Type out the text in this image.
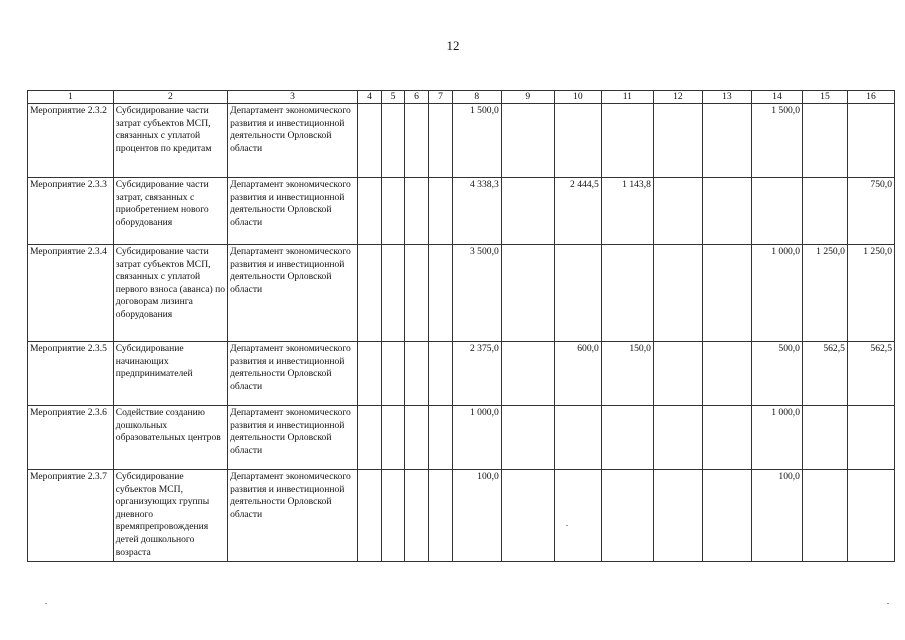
12
1	2	3	4	5	6	7	8	9	10	11	12	13	14	15	16
Мероприятие 2.3.2	Субсидирование части затрат субъектов МСП, связанных с уплатой процентов по кредитам	Департамент экономического развития и инвестиционной деятельности Орловской области					1 500,0						1 500,0		
Мероприятие 2.3.3	Субсидирование части затрат, связанных с приобретением нового оборудования	Департамент экономического развития и инвестиционной деятельности Орловской области					4 338,3		2 444,5	1 143,8					750,0
Мероприятие 2.3.4	Субсидирование части затрат субъектов МСП, связанных с уплатой первого взноса (аванса) по договорам лизинга оборудования	Департамент экономического развития и инвестиционной деятельности Орловской области					3 500,0						1 000,0	1 250,0	1 250,0
Мероприятие 2.3.5	Субсидирование начинающих предпринимателей	Департамент экономического развития и инвестиционной деятельности Орловской области					2 375,0		600,0	150,0			500,0	562,5	562,5
Мероприятие 2.3.6	Содействие созданию дошкольных образовательных центров	Департамент экономического развития и инвестиционной деятельности Орловской области					1 000,0						1 000,0		
Мероприятие 2.3.7	Субсидирование субъектов МСП, организующих группы дневного времяпрепровождения детей дошкольного возраста	Департамент экономического развития и инвестиционной деятельности Орловской области					100,0						100,0		
